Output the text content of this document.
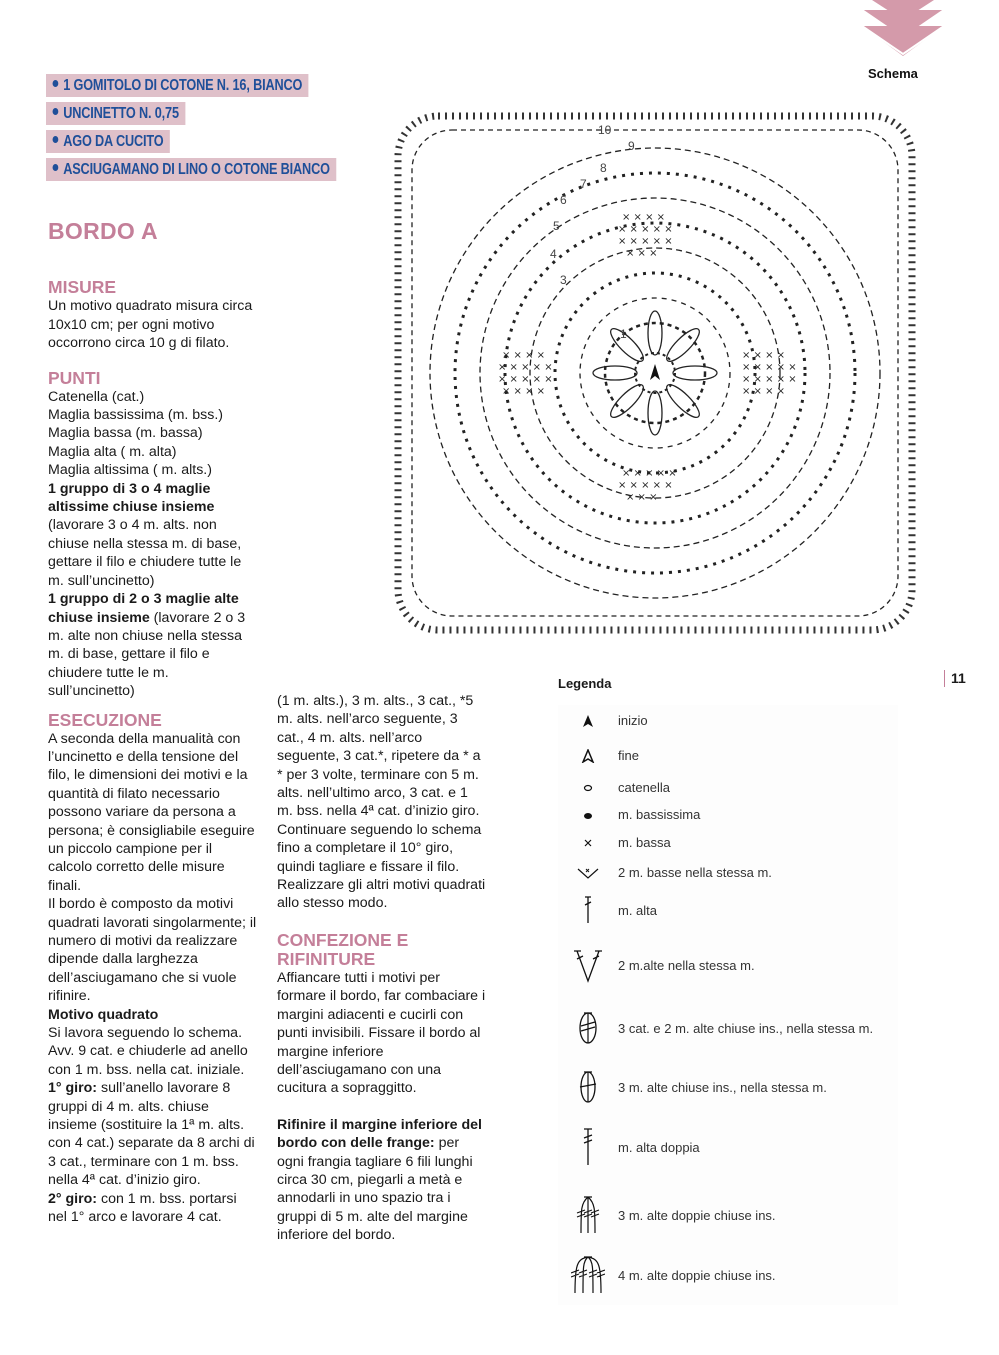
Schema
1 GOMITOLO DI COTONE N. 16, BIANCO
UNCINETTO N. 0,75
AGO DA CUCITO
ASCIUGAMANO DI LINO O COTONE BIANCO
BORDO A
MISURE

Un motivo quadrato misura circa 10x10 cm; per ogni motivo occorrono circa 10 g di filato.

PUNTI

Catenella (cat.)

Maglia bassissima (m. bss.)

Maglia bassa (m. bassa)

Maglia alta ( m. alta)

Maglia altissima ( m. alts.)

1 gruppo di 3 o 4 maglie altissime chiuse insieme
(lavorare 3 o 4 m. alts. non chiuse nella stessa m. di base, gettare il filo e chiudere tutte le m. sull’uncinetto)

1 gruppo di 2 o 3 maglie alte chiuse insieme (lavorare 2 o 3 m. alte non chiuse nella stessa m. di base, gettare il filo e chiudere tutte le m. sull’uncinetto)

ESECUZIONE

A seconda della manualità con l’uncinetto e della tensione del filo, le dimensioni dei motivi e la quantità di filato necessario possono variare da persona a persona; è consigliabile eseguire un piccolo campione per il calcolo corretto delle misure finali.

Il bordo è composto da motivi quadrati lavorati singolarmente; il numero di motivi da realizzare dipende dalla larghezza dell’asciugamano che si vuole rifinire.

Motivo quadrato

Si lavora seguendo lo schema. Avv. 9 cat. e chiuderle ad anello con 1 m. bss. nella cat. iniziale.

1° giro: sull’anello lavorare 8 gruppi di 4 m. alts. chiuse insieme (sostituire la 1ª m. alts. con 4 cat.) separate da 8 archi di 3 cat., terminare con 1 m. bss. nella 4ª cat. d’inizio giro.

2° giro: con 1 m. bss. portarsi nel 1° arco e lavorare 4 cat.

(1 m. alts.), 3 m. alts., 3 cat., *5 m. alts. nell’arco seguente, 3 cat., 4 m. alts. nell’arco seguente, 3 cat.*, ripetere da * a * per 3 volte, terminare con 5 m. alts. nell’ultimo arco, 3 cat. e 1 m. bss. nella 4ª cat. d’inizio giro.

Continuare seguendo lo schema fino a completare il 10° giro, quindi tagliare e fissare il filo.

Realizzare gli altri motivi quadrati allo stesso modo.

CONFEZIONE E RIFINITURE

Affiancare tutti i motivi per formare il bordo, far combaciare i margini adiacenti e cucirli con punti invisibili. Fissare il bordo al margine inferiore dell’asciugamano con una cucitura a sopraggitto.

Rifinire il margine inferiore del bordo con delle frange: per ogni frangia tagliare 6 fili lunghi circa 30 cm, piegarli a metà e annodarli in uno spazio tra i gruppi di 5 m. alte del margine inferiore del bordo.

1
3
4
5
6
7
8
9
10
× × × ×
× × × × ×
× × × × ×
× × ×
× × × × ×
× × × × ×
× × ×
× × × ×
× × × × ×
× × × × ×
× × × ×
× × × ×
× × × × ×
× × × × ×
× × × ×
Legenda	11
inizio
fine
catenella
m. bassissima
m. bassa
2 m. basse nella stessa m.
m. alta
2 m.alte nella stessa m.
3 cat. e 2 m. alte chiuse ins., nella stessa m.
3 m. alte chiuse ins., nella stessa m.
m. alta doppia
3 m. alte doppie chiuse ins.
4 m. alte doppie chiuse ins.
